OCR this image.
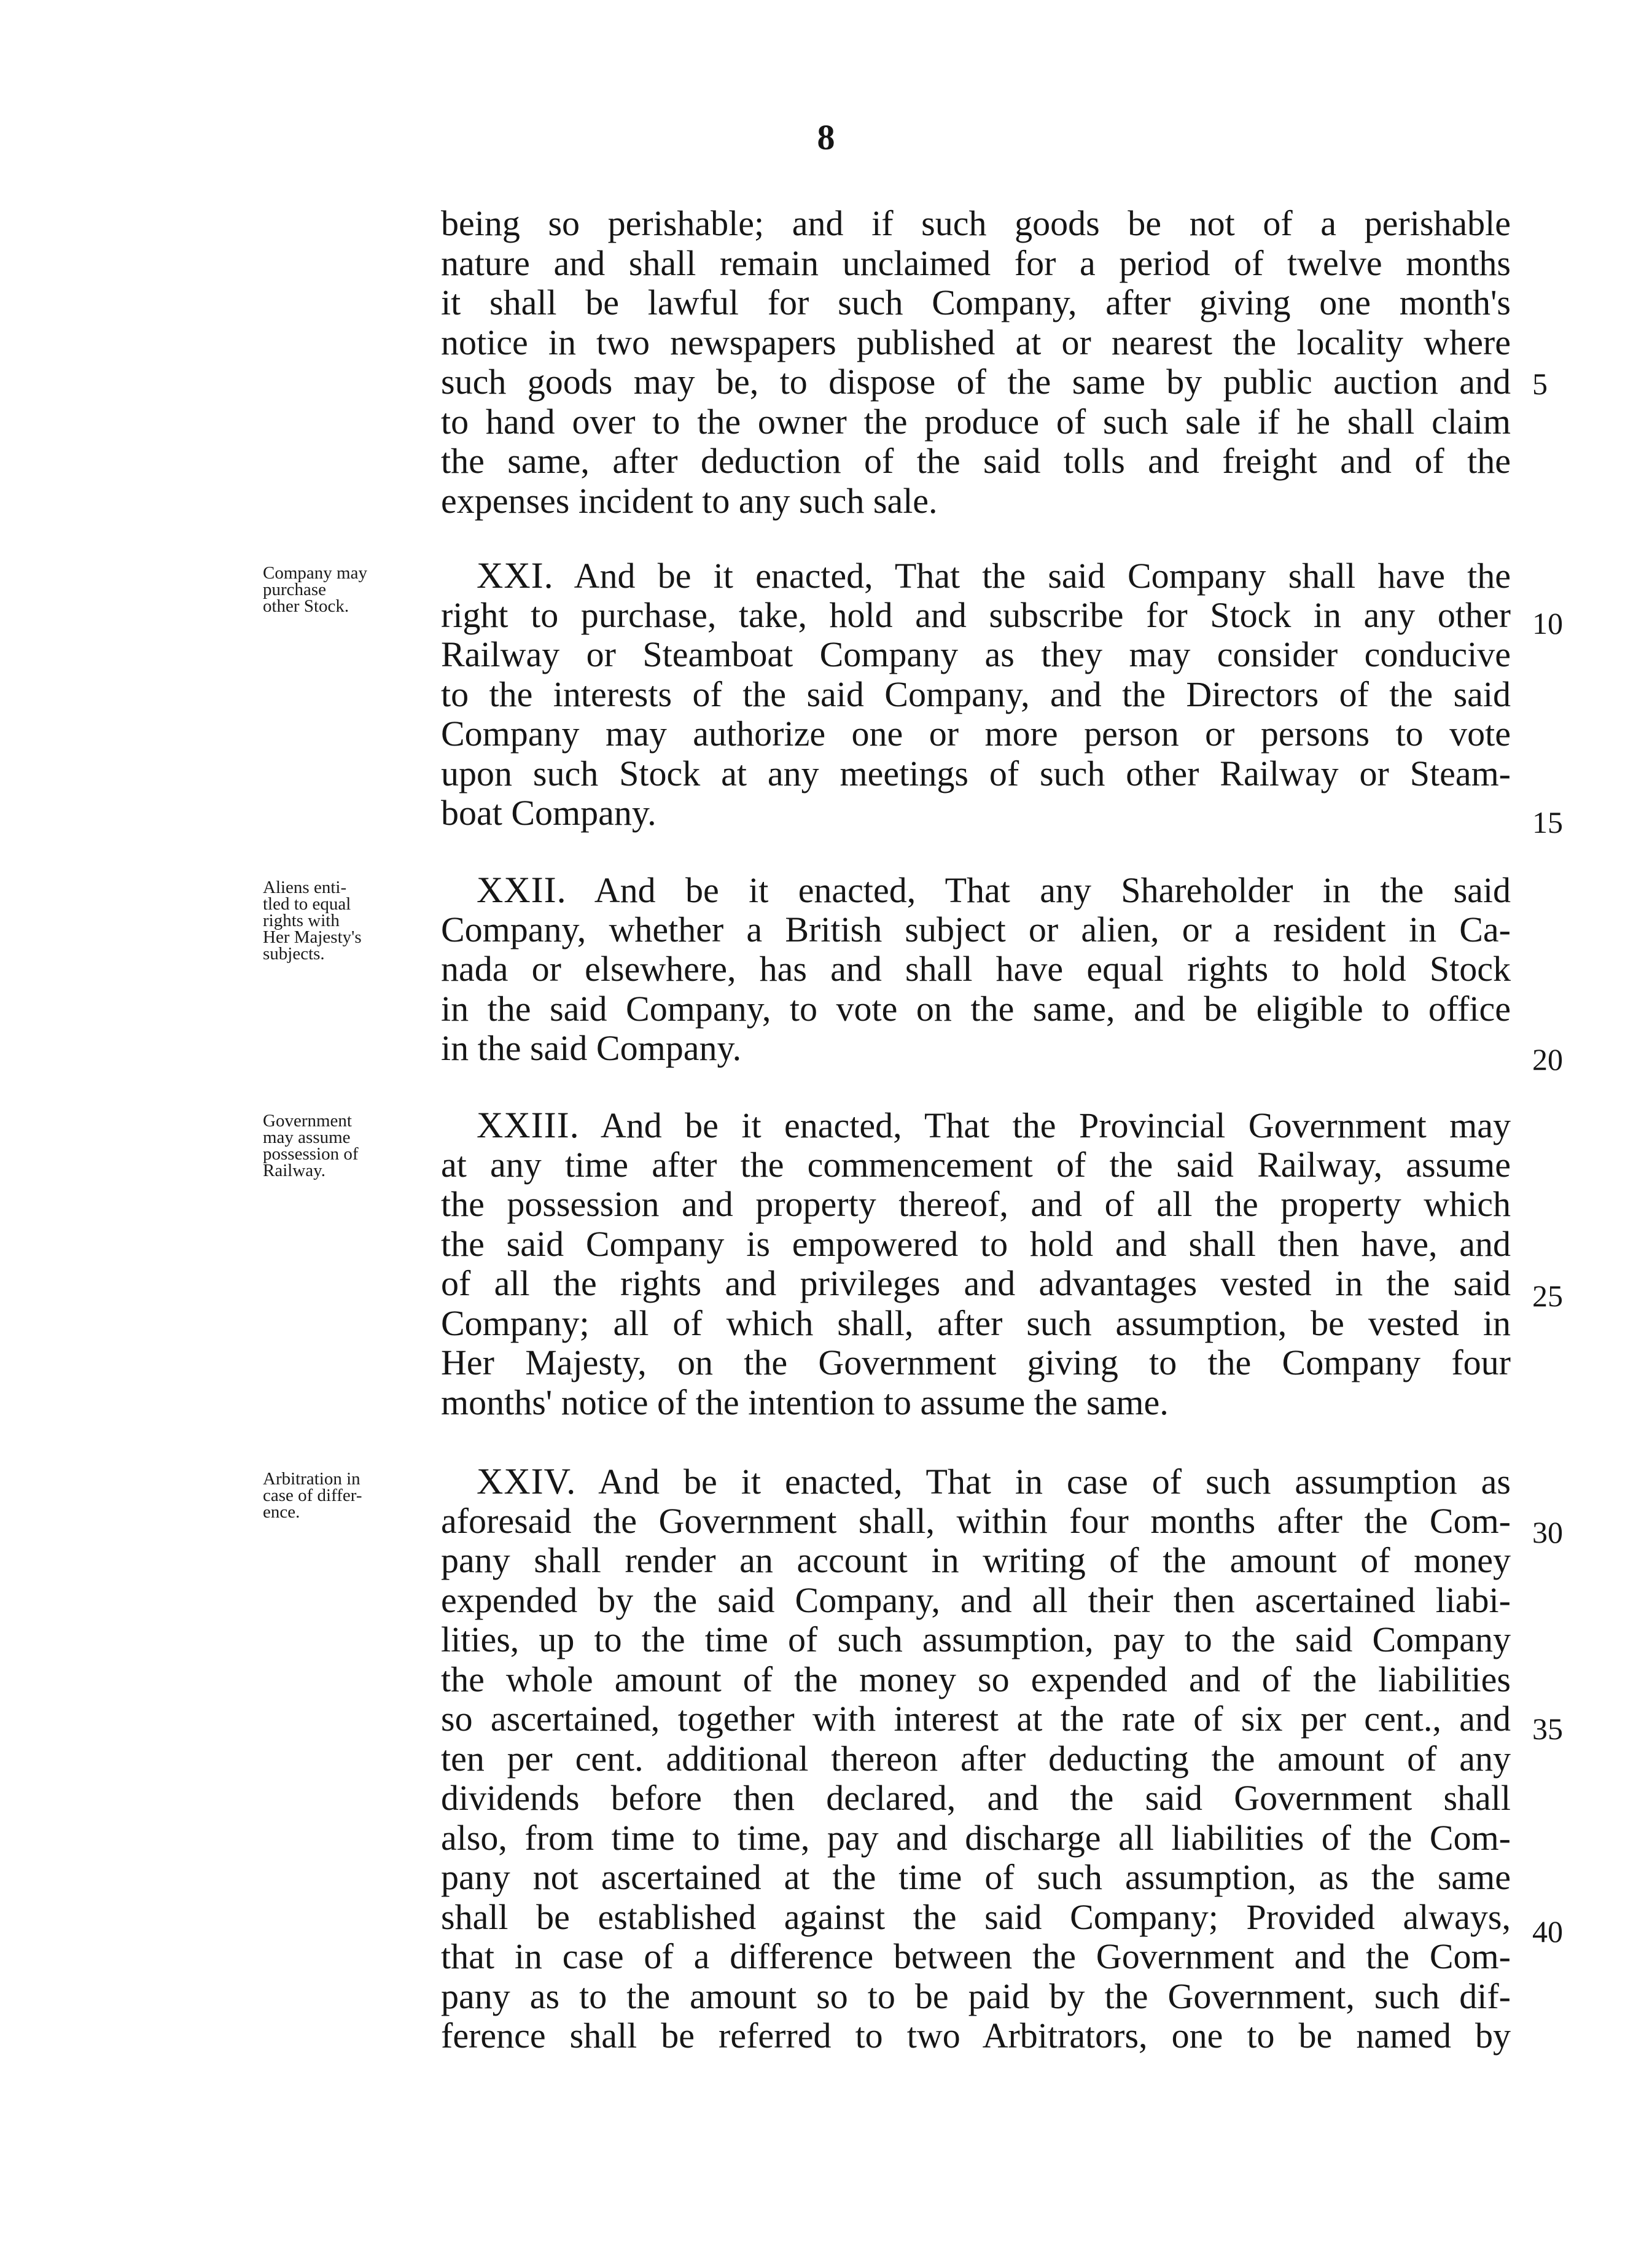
8
being so perishable; and if such goods be not of a perishable
nature and shall remain unclaimed for a period of twelve months
it shall be lawful for such Company, after giving one month's
notice in two newspapers published at or nearest the locality where
such goods may be, to dispose of the same by public auction and
to hand over to the owner the produce of such sale if he shall claim
the same, after deduction of the said tolls and freight and of the
expenses incident to any such sale.
Company may
purchase
other Stock.
XXI. And be it enacted, That the said Company shall have the
right to purchase, take, hold and subscribe for Stock in any other
Railway or Steamboat Company as they may consider conducive
to the interests of the said Company, and the Directors of the said
Company may authorize one or more person or persons to vote
upon such Stock at any meetings of such other Railway or Steam-
boat Company.
Aliens enti-
tled to equal
rights with
Her Majesty's
subjects.
XXII. And be it enacted, That any Shareholder in the said
Company, whether a British subject or alien, or a resident in Ca-
nada or elsewhere, has and shall have equal rights to hold Stock
in the said Company, to vote on the same, and be eligible to office
in the said Company.
Government
may assume
possession of
Railway.
XXIII. And be it enacted, That the Provincial Government may
at any time after the commencement of the said Railway, assume
the possession and property thereof, and of all the property which
the said Company is empowered to hold and shall then have, and
of all the rights and privileges and advantages vested in the said
Company; all of which shall, after such assumption, be vested in
Her Majesty, on the Government giving to the Company four
months' notice of the intention to assume the same.
Arbitration in
case of differ-
ence.
XXIV. And be it enacted, That in case of such assumption as
aforesaid the Government shall, within four months after the Com-
pany shall render an account in writing of the amount of money
expended by the said Company, and all their then ascertained liabi-
lities, up to the time of such assumption, pay to the said Company
the whole amount of the money so expended and of the liabilities
so ascertained, together with interest at the rate of six per cent., and
ten per cent. additional thereon after deducting the amount of any
dividends before then declared, and the said Government shall
also, from time to time, pay and discharge all liabilities of the Com-
pany not ascertained at the time of such assumption, as the same
shall be established against the said Company; Provided always,
that in case of a difference between the Government and the Com-
pany as to the amount so to be paid by the Government, such dif-
ference shall be referred to two Arbitrators, one to be named by
5
10
15
20
25
30
35
40
